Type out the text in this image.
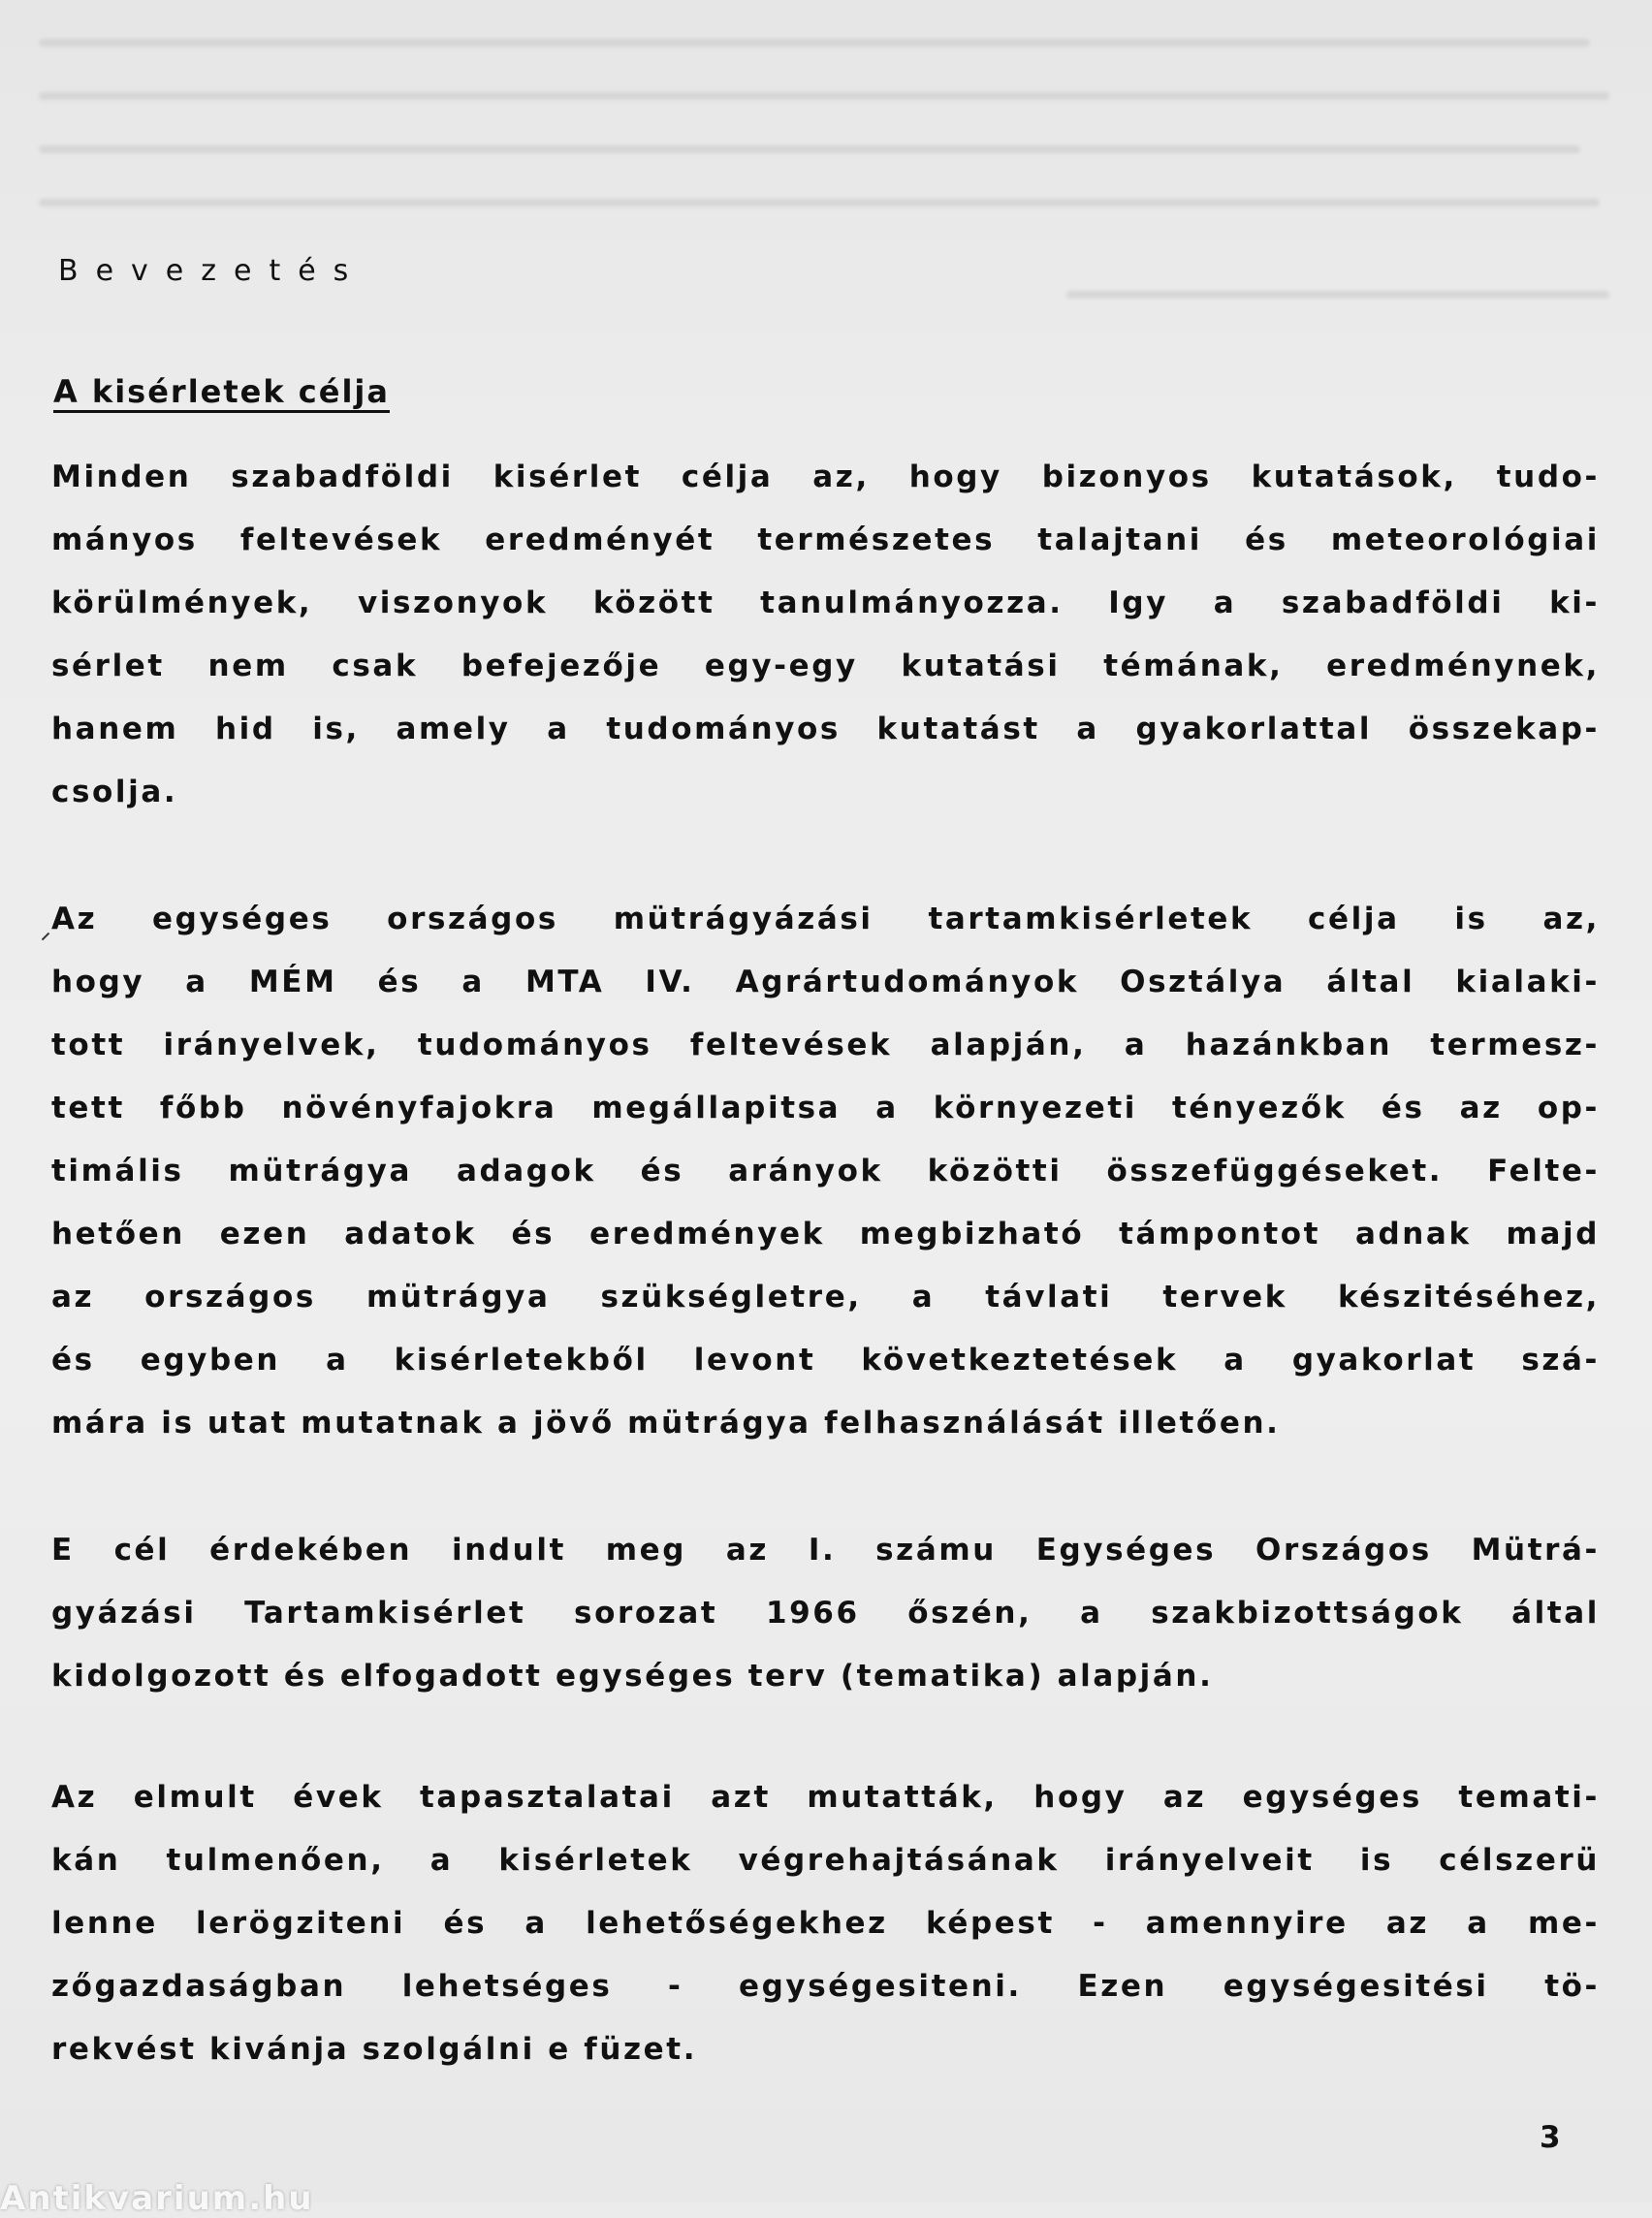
Bevezetés
A kisérletek célja

Minden szabadföldi kisérlet célja az, hogy bizonyos kutatások, tudo-
mányos feltevések eredményét természetes talajtani és meteorológiai
körülmények, viszonyok között tanulmányozza. Igy a szabadföldi ki-
sérlet nem csak befejezője egy-egy kutatási témának, eredménynek,
hanem hid is, amely a tudományos kutatást a gyakorlattal összekap-
csolja.

Az egységes országos mütrágyázási tartamkisérletek célja is az,
hogy a MÉM és a MTA IV. Agrártudományok Osztálya által kialaki-
tott irányelvek, tudományos feltevések alapján, a hazánkban termesz-
tett főbb növényfajokra megállapitsa a környezeti tényezők és az op-
timális mütrágya adagok és arányok közötti összefüggéseket. Felte-
hetően ezen adatok és eredmények megbizható támpontot adnak majd
az országos mütrágya szükségletre, a távlati tervek készitéséhez,
és egyben a kisérletekből levont következtetések a gyakorlat szá-
mára is utat mutatnak a jövő mütrágya felhasználását illetően.

E cél érdekében indult meg az I. számu Egységes Országos Mütrá-
gyázási Tartamkisérlet sorozat 1966 őszén, a szakbizottságok által
kidolgozott és elfogadott egységes terv (tematika) alapján.

Az elmult évek tapasztalatai azt mutatták, hogy az egységes temati-
kán tulmenően, a kisérletek végrehajtásának irányelveit is célszerü
lenne lerögziteni és a lehetőségekhez képest - amennyire az a me-
zőgazdaságban lehetséges - egységesiteni. Ezen egységesitési tö-
rekvést kivánja szolgálni e füzet.

3
Antikvarium.hu
